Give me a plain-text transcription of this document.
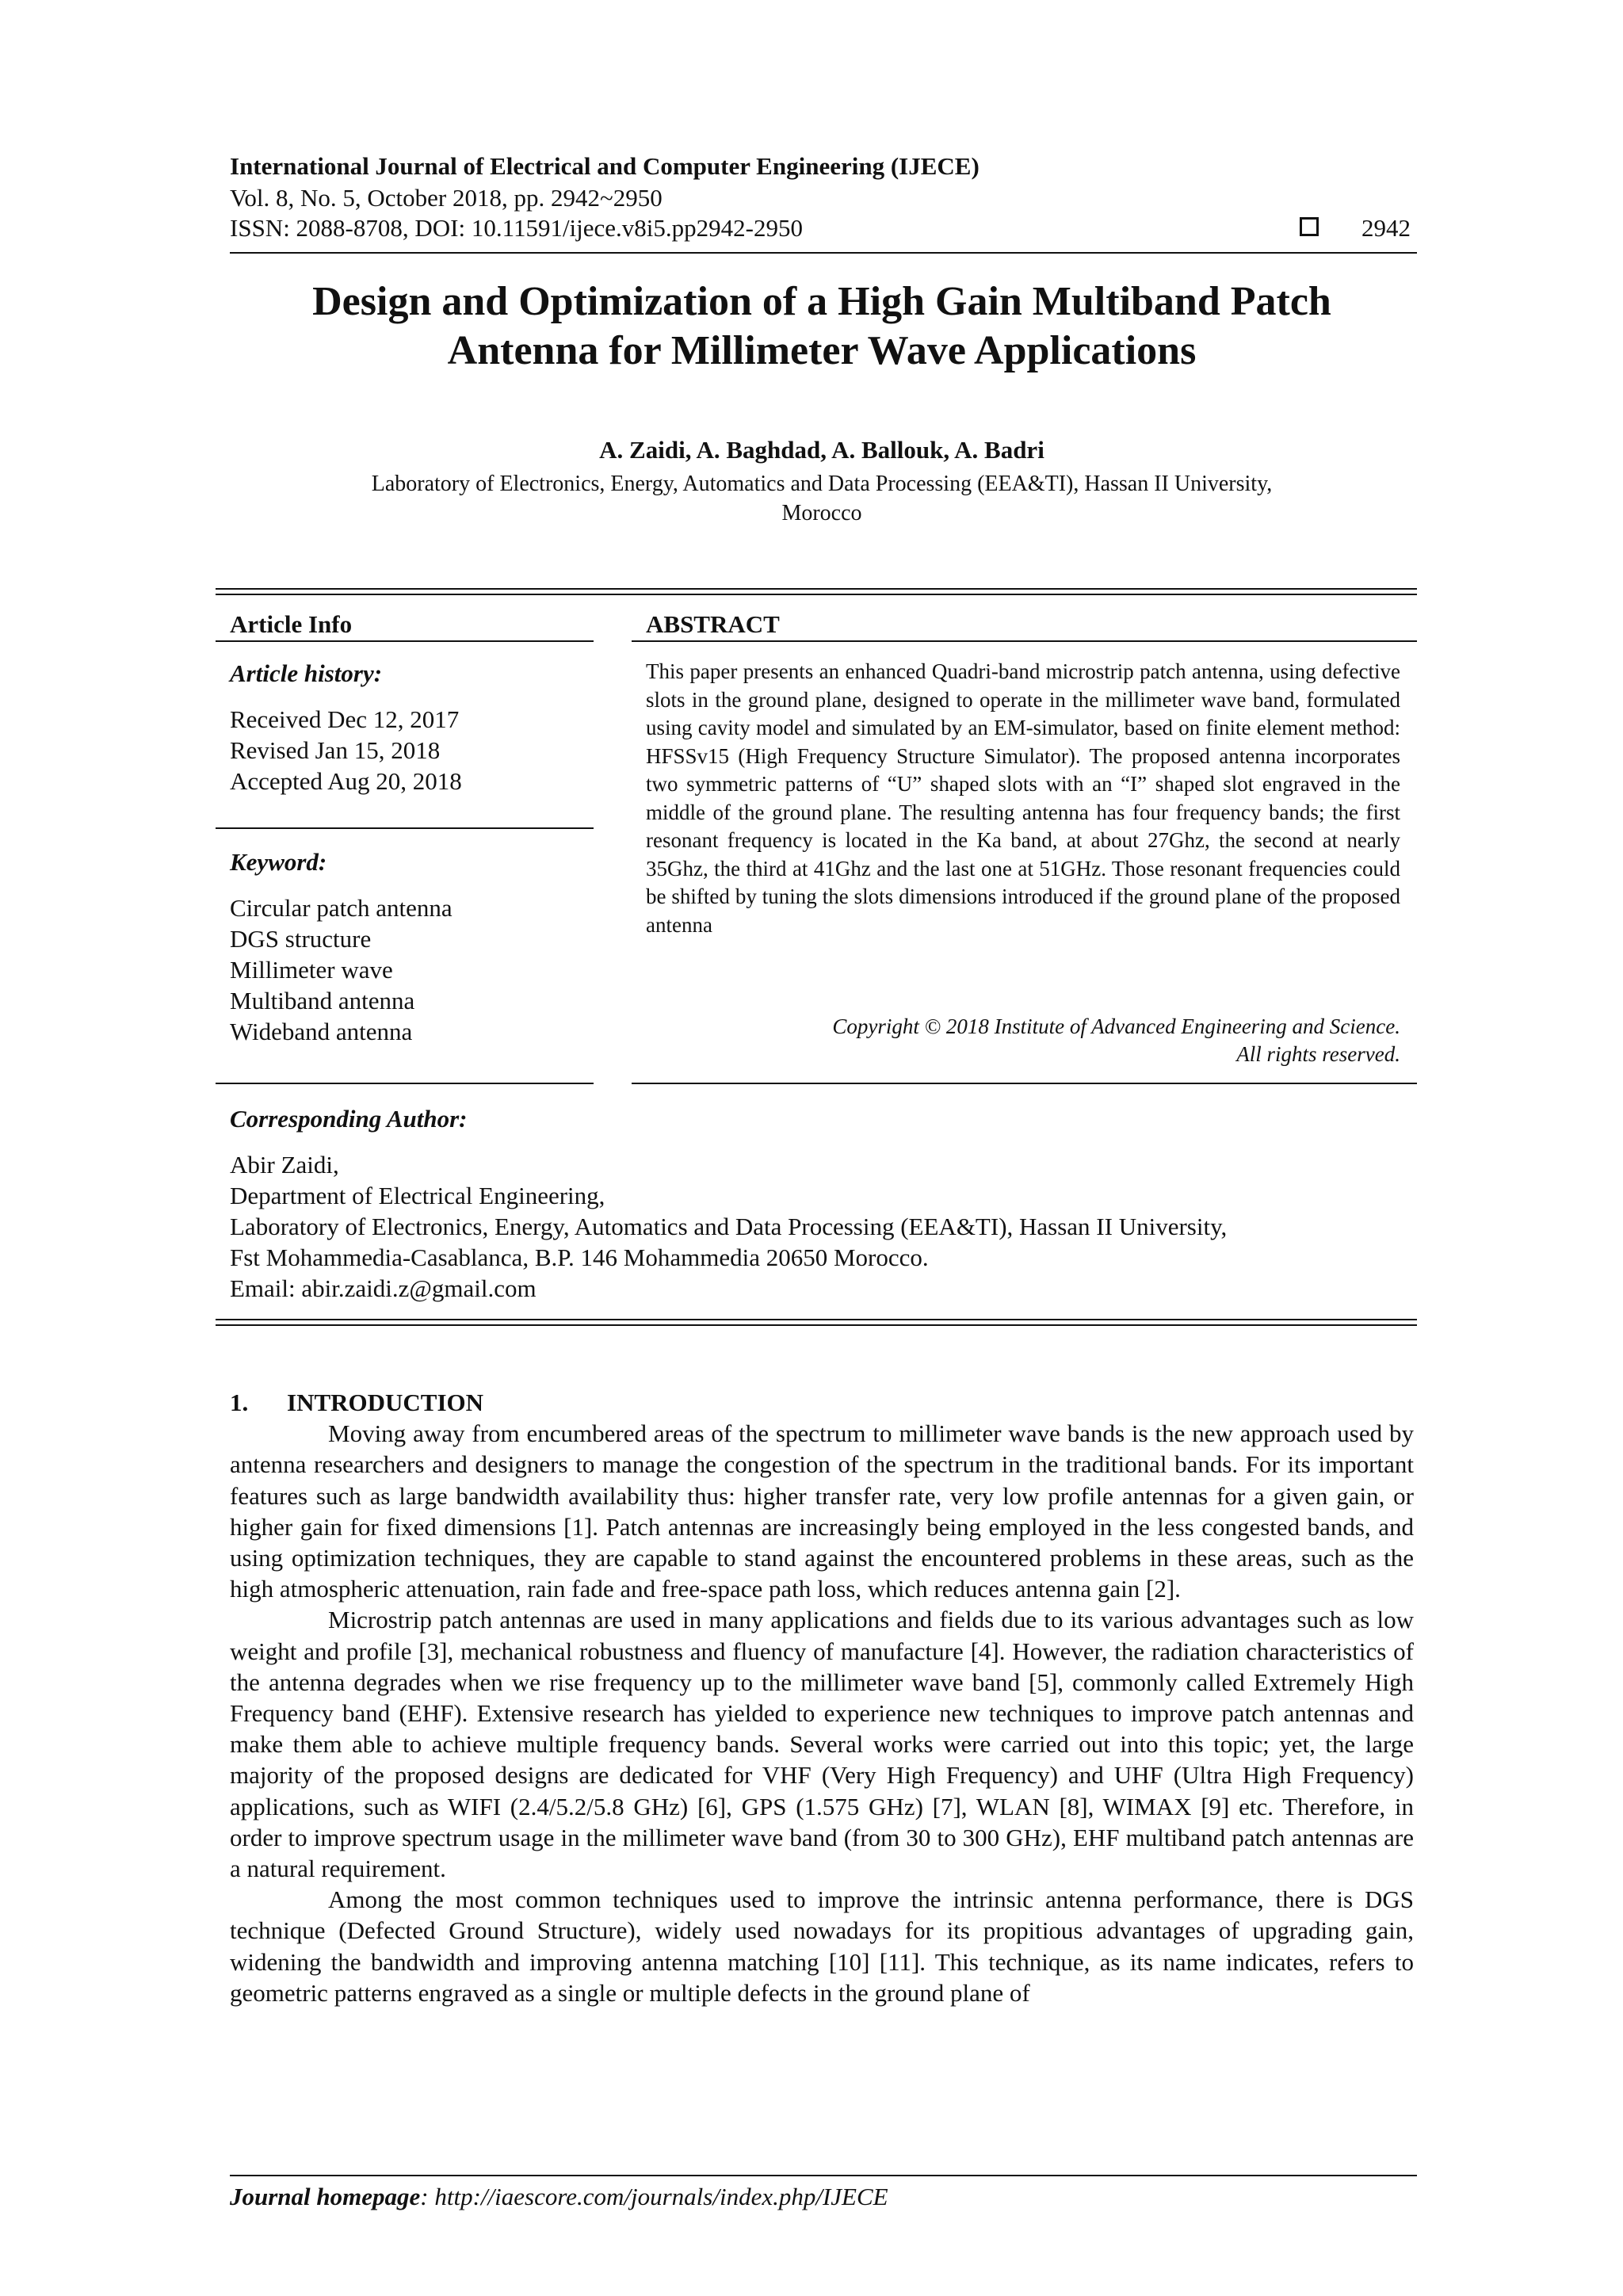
International Journal of Electrical and Computer Engineering (IJECE)
Vol. 8, No. 5, October 2018, pp. 2942~2950
ISSN: 2088-8708, DOI: 10.11591/ijece.v8i5.pp2942-2950	2942
Design and Optimization of a High Gain Multiband Patch
Antenna for Millimeter Wave Applications
A. Zaidi, A. Baghdad, A. Ballouk, A. Badri
Laboratory of Electronics, Energy, Automatics and Data Processing (EEA&TI), Hassan II University,
Morocco
Article Info
Article history:
Received Dec 12, 2017
Revised Jan 15, 2018
Accepted Aug 20, 2018
Keyword:
Circular patch antenna
DGS structure
Millimeter wave
Multiband antenna
Wideband antenna
ABSTRACT
This paper presents an enhanced Quadri-band microstrip patch antenna, using defective slots in the ground plane, designed to operate in the millimeter wave band, formulated using cavity model and simulated by an EM-simulator, based on finite element method: HFSSv15 (High Frequency Structure Simulator). The proposed antenna incorporates two symmetric patterns of “U” shaped slots with an “I” shaped slot engraved in the middle of the ground plane. The resulting antenna has four frequency bands; the first resonant frequency is located in the Ka band, at about 27Ghz, the second at nearly 35Ghz, the third at 41Ghz and the last one at 51GHz. Those resonant frequencies could be shifted by tuning the slots dimensions introduced if the ground plane of the proposed antenna
Copyright © 2018 Institute of Advanced Engineering and Science.
All rights reserved.
Corresponding Author:
Abir Zaidi,
Department of Electrical Engineering,
Laboratory of Electronics, Energy, Automatics and Data Processing (EEA&TI), Hassan II University,
Fst Mohammedia-Casablanca, B.P. 146 Mohammedia 20650 Morocco.
Email: abir.zaidi.z@gmail.com
1. INTRODUCTION

Moving away from encumbered areas of the spectrum to millimeter wave bands is the new approach used by antenna researchers and designers to manage the congestion of the spectrum in the traditional bands. For its important features such as large bandwidth availability thus: higher transfer rate, very low profile antennas for a given gain, or higher gain for fixed dimensions [1]. Patch antennas are increasingly being employed in the less congested bands, and using optimization techniques, they are capable to stand against the encountered problems in these areas, such as the high atmospheric attenuation, rain fade and free-space path loss, which reduces antenna gain [2].

Microstrip patch antennas are used in many applications and fields due to its various advantages such as low weight and profile [3], mechanical robustness and fluency of manufacture [4]. However, the radiation characteristics of the antenna degrades when we rise frequency up to the millimeter wave band [5], commonly called Extremely High Frequency band (EHF). Extensive research has yielded to experience new techniques to improve patch antennas and make them able to achieve multiple frequency bands. Several works were carried out into this topic; yet, the large majority of the proposed designs are dedicated for VHF (Very High Frequency) and UHF (Ultra High Frequency) applications, such as WIFI (2.4/5.2/5.8 GHz) [6], GPS (1.575 GHz) [7], WLAN [8], WIMAX [9] etc. Therefore, in order to improve spectrum usage in the millimeter wave band (from 30 to 300 GHz), EHF multiband patch antennas are a natural requirement.

Among the most common techniques used to improve the intrinsic antenna performance, there is DGS technique (Defected Ground Structure), widely used nowadays for its propitious advantages of upgrading gain, widening the bandwidth and improving antenna matching [10] [11]. This technique, as its name indicates, refers to geometric patterns engraved as a single or multiple defects in the ground plane of

Journal homepage: http://iaescore.com/journals/index.php/IJECE
